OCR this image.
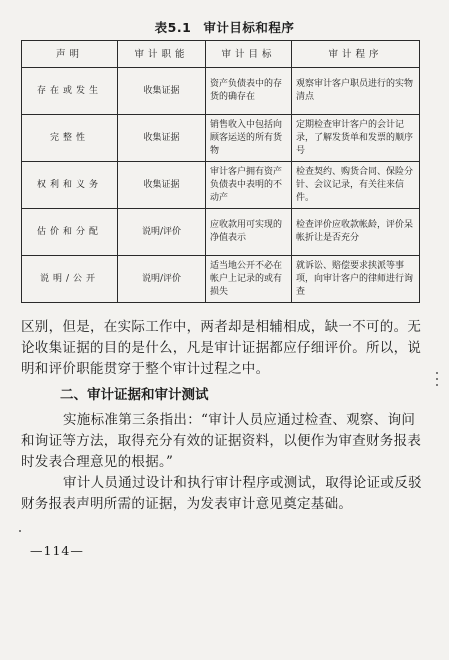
表5.1 审计目标和程序
声明	审计职能	审计目标	审计程序
存在或发生	收集证据	资产负债表中的存货的确存在	观察审计客户职员进行的实物清点
完整性	收集证据	销售收入中包括向顾客运送的所有货物	定期检查审计客户的会计记录，了解发货单和发票的顺序号
权利和义务	收集证据	审计客户拥有资产负债表中表明的不动产	检查契约、购货合同、保险分针、会议记录，有关往来信件。
估价和分配	说明/评价	应收款用可实现的净值表示	检查评价应收款帐龄，评价呆帐折让是否充分
说明/公开	说明/评价	适当地公开不必在帐户上记录的或有损失	就诉讼、赔偿要求挟派等事项，向审计客户的律师进行询查

区别，但是，在实际工作中，两者却是相辅相成，缺一不可的。无论收集证据的目的是什么，凡是审计证据都应仔细评价。所以，说明和评价职能贯穿于整个审计过程之中。

二、审计证据和审计测试

实施标准第三条指出：“审计人员应通过检查、观察、询问和询证等方法，取得充分有效的证据资料，以便作为审查财务报表时发表合理意见的根据。”

审计人员通过设计和执行审计程序或测试，取得论证或反驳财务报表声明所需的证据，为发表审计意见奠定基础。

—114—
